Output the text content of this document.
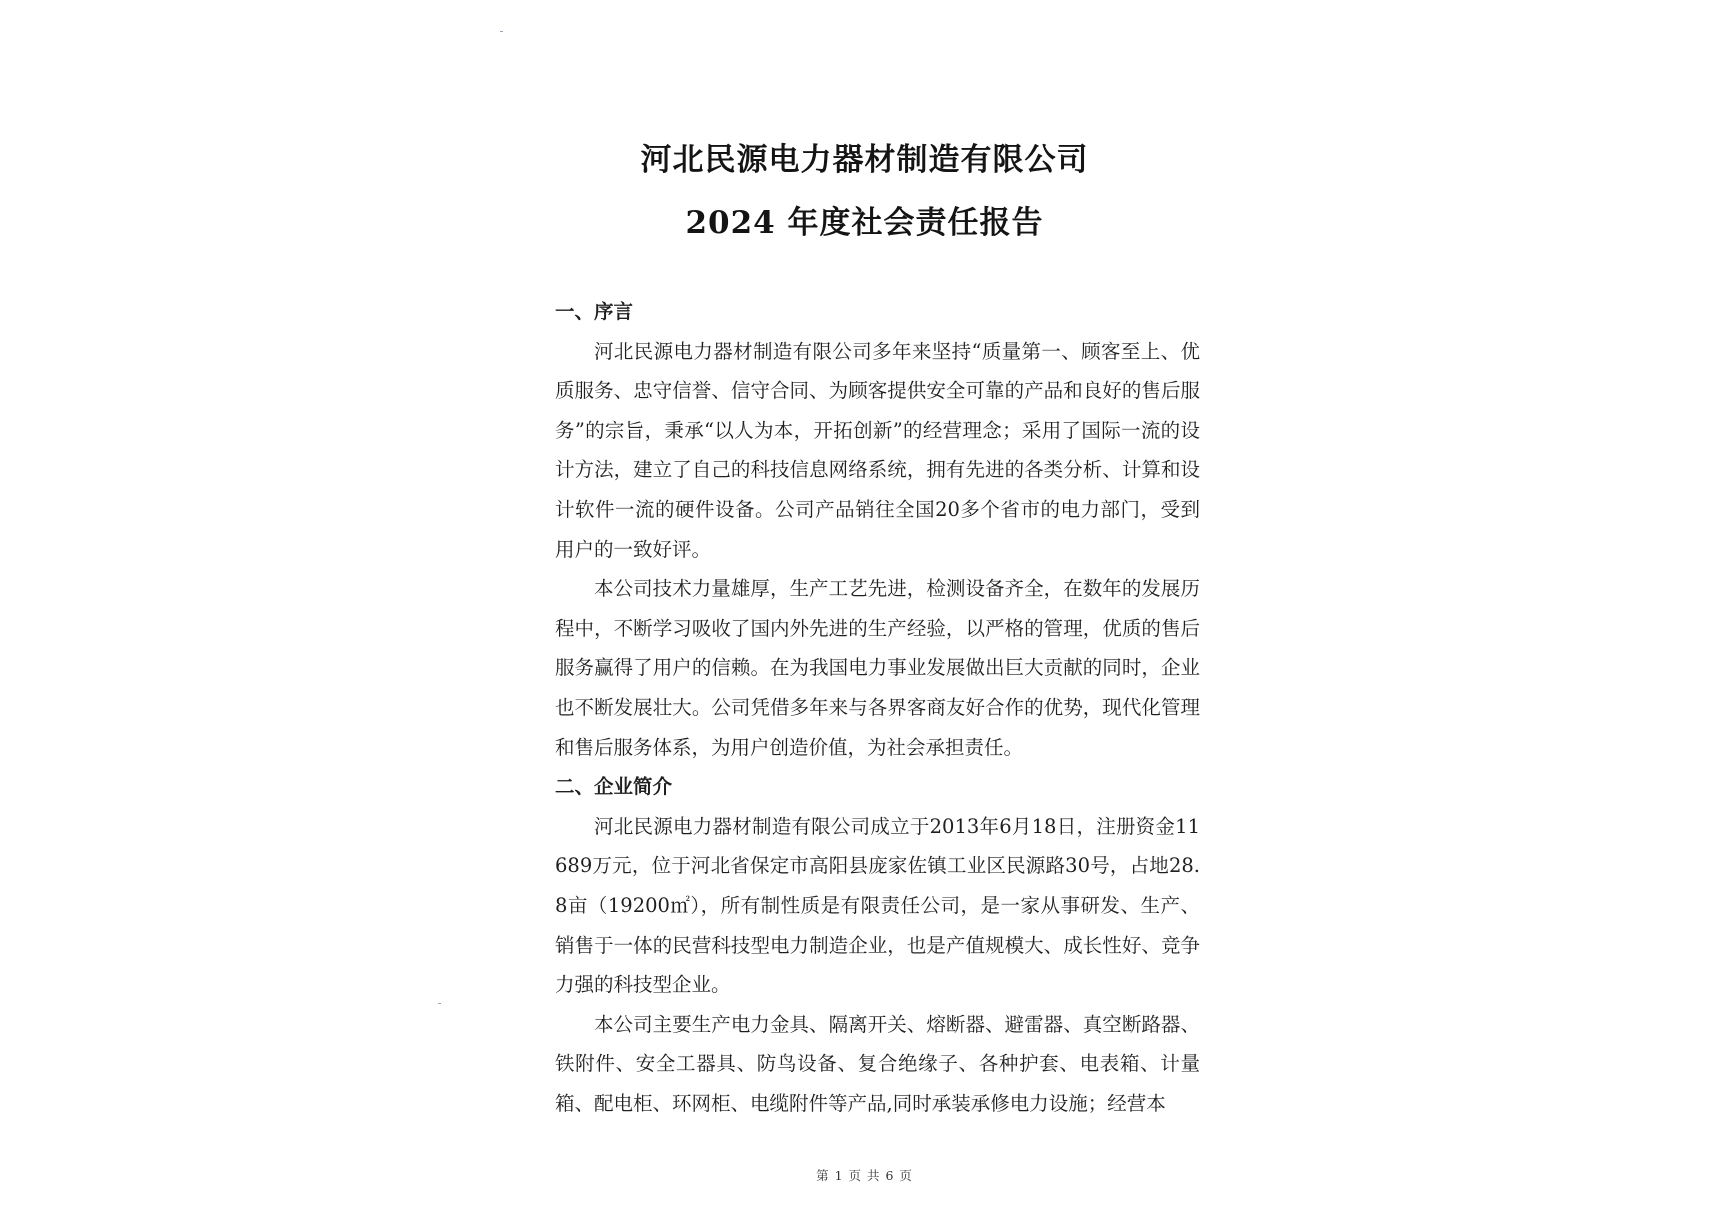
河北民源电力器材制造有限公司
2024 年度社会责任报告

一、序言

河北民源电力器材制造有限公司多年来坚持“质量第一、顾客至上、优质服务、忠守信誉、信守合同、为顾客提供安全可靠的产品和良好的售后服务”的宗旨，秉承“以人为本，开拓创新”的经营理念；采用了国际一流的设计方法，建立了自己的科技信息网络系统，拥有先进的各类分析、计算和设计软件一流的硬件设备。公司产品销往全国20多个省市的电力部门，受到用户的一致好评。

本公司技术力量雄厚，生产工艺先进，检测设备齐全，在数年的发展历程中，不断学习吸收了国内外先进的生产经验，以严格的管理，优质的售后服务赢得了用户的信赖。在为我国电力事业发展做出巨大贡献的同时，企业也不断发展壮大。公司凭借多年来与各界客商友好合作的优势，现代化管理和售后服务体系，为用户创造价值，为社会承担责任。

二、企业简介

河北民源电力器材制造有限公司成立于2013年6月18日，注册资金11689万元，位于河北省保定市高阳县庞家佐镇工业区民源路30号，占地28.8亩（19200㎡），所有制性质是有限责任公司，是一家从事研发、生产、销售于一体的民营科技型电力制造企业，也是产值规模大、成长性好、竞争力强的科技型企业。

本公司主要生产电力金具、隔离开关、熔断器、避雷器、真空断路器、铁附件、安全工器具、防鸟设备、复合绝缘子、各种护套、电表箱、计量箱、配电柜、环网柜、电缆附件等产品,同时承装承修电力设施；经营本

第 1 页 共 6 页
